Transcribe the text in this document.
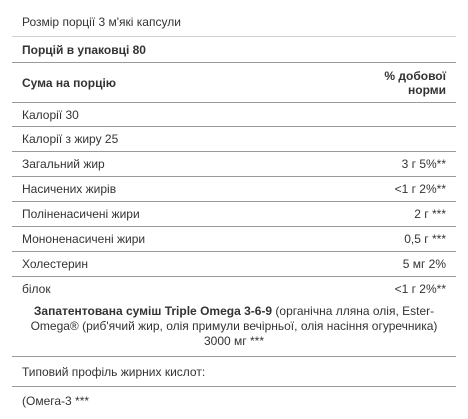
Розмір порції 3 м'які капсули
Порцій в упаковці 80
Сума на порцію	% добової
норми
Калорії 30
Калорії з жиру 25
Загальний жир	3 г 5%**
Насичених жирів	<1 г 2%**
Поліненасичені жири	2 г ***
Мононенасичені жири	0,5 г ***
Холестерин	5 мг 2%
білок	<1 г 2%**
Запатентована суміш Triple Omega 3-6-9 (органічна лляна олія, Ester-
Omega® (риб'ячий жир, олія примули вечірньої, олія насіння огуречника)
3000 мг ***
Типовий профіль жирних кислот:
(Омега-3 ***
